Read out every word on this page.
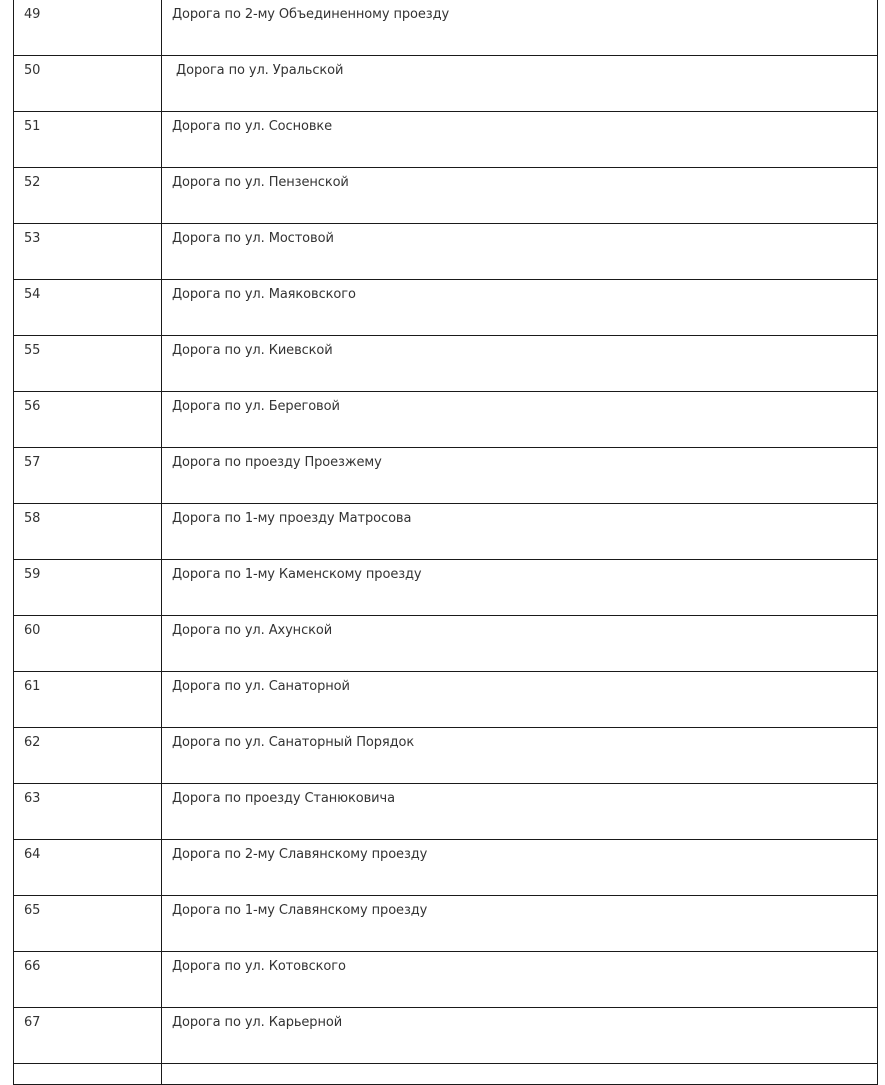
49	Дорога по 2-му Объединенному проезду
50	Дорога по ул. Уральской
51	Дорога по ул. Сосновке
52	Дорога по ул. Пензенской
53	Дорога по ул. Мостовой
54	Дорога по ул. Маяковского
55	Дорога по ул. Киевской
56	Дорога по ул. Береговой
57	Дорога по проезду Проезжему
58	Дорога по 1-му проезду Матросова
59	Дорога по 1-му Каменскому проезду
60	Дорога по ул. Ахунской
61	Дорога по ул. Санаторной
62	Дорога по ул. Санаторный Порядок
63	Дорога по проезду Станюковича
64	Дорога по 2-му Славянскому проезду
65	Дорога по 1-му Славянскому проезду
66	Дорога по ул. Котовского
67	Дорога по ул. Карьерной
